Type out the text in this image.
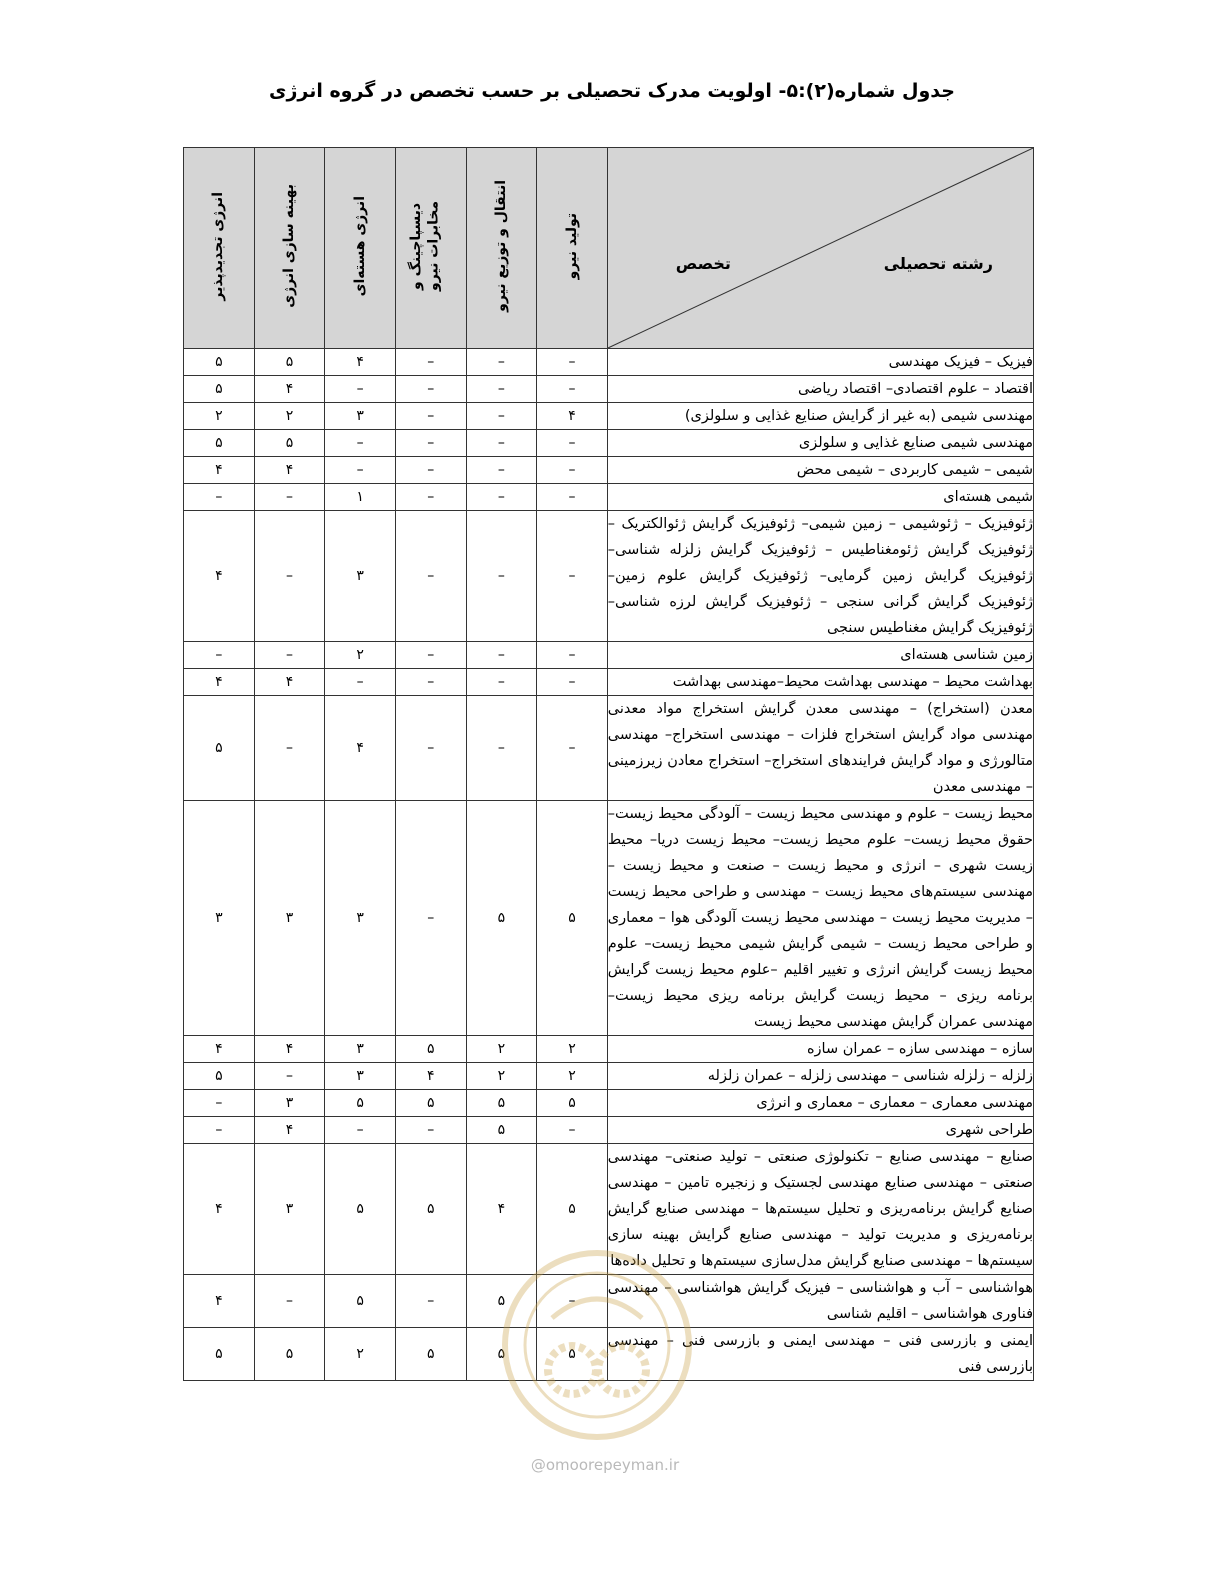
جدول شماره(۲):۵- اولویت مدرک تحصیلی بر حسب تخصص در گروه انرژی
رشته تحصیلی
تخصص	تولید نیرو	انتقال و توزیع نیرو	دیسپاچینگ و مخابرات نیرو	انرژی هسته‌ای	بهینه سازی انرژی	انرژی تجدیدپذیر
فیزیک – فیزیک مهندسی	–	–	–	۴	۵	۵
اقتصاد – علوم اقتصادی– اقتصاد ریاضی	–	–	–	–	۴	۵
مهندسی شیمی (به غیر از گرایش صنایع غذایی و سلولزی)	۴	–	–	۳	۲	۲
مهندسی شیمی صنایع غذایی و سلولزی	–	–	–	–	۵	۵
شیمی – شیمی کاربردی – شیمی محض	–	–	–	–	۴	۴
شیمی هسته‌ای	–	–	–	۱	–	–
ژئوفیزیک – ژئوشیمی – زمین شیمی– ژئوفیزیک گرایش ژئوالکتریک – ژئوفیزیک گرایش ژئومغناطیس – ژئوفیزیک گرایش زلزله شناسی– ژئوفیزیک گرایش زمین گرمایی– ژئوفیزیک گرایش علوم زمین–ژئوفیزیک گرایش گرانی سنجی – ژئوفیزیک گرایش لرزه شناسی–ژئوفیزیک گرایش مغناطیس سنجی	–	–	–	۳	–	۴
زمین شناسی هسته‌ای	–	–	–	۲	–	–
بهداشت محیط – مهندسی بهداشت محیط–مهندسی بهداشت	–	–	–	–	۴	۴
معدن (استخراج) – مهندسی معدن گرایش استخراج مواد معدنی مهندسی مواد گرایش استخراج فلزات – مهندسی استخراج– مهندسی متالورژی و مواد گرایش فرایندهای استخراج– استخراج معادن زیرزمینی – مهندسی معدن	–	–	–	۴	–	۵
محیط زیست – علوم و مهندسی محیط زیست – آلودگی محیط زیست– حقوق محیط زیست– علوم محیط زیست– محیط زیست دریا– محیط زیست شهری – انرژی و محیط زیست – صنعت و محیط زیست – مهندسی سیستم‌های محیط زیست – مهندسی و طراحی محیط زیست – مدیریت محیط زیست – مهندسی محیط زیست آلودگی هوا – معماری و طراحی محیط زیست – شیمی گرایش شیمی محیط زیست– علوم محیط زیست گرایش انرژی و تغییر اقلیم –علوم محیط زیست گرایش برنامه ریزی – محیط زیست گرایش برنامه ریزی محیط زیست– مهندسی عمران گرایش مهندسی محیط زیست	۵	۵	–	۳	۳	۳
سازه – مهندسی سازه – عمران سازه	۲	۲	۵	۳	۴	۴
زلزله – زلزله شناسی – مهندسی زلزله – عمران زلزله	۲	۲	۴	۳	–	۵
مهندسی معماری – معماری – معماری و انرژی	۵	۵	۵	۵	۳	–
طراحی شهری	–	۵	–	–	۴	–
صنایع – مهندسی صنایع – تکنولوژی صنعتی – تولید صنعتی– مهندسی صنعتی – مهندسی صنایع مهندسی لجستیک و زنجیره تامین – مهندسی صنایع گرایش برنامه‌ریزی و تحلیل سیستم‌ها – مهندسی صنایع گرایش برنامه‌ریزی و مدیریت تولید – مهندسی صنایع گرایش بهینه سازی سیستم‌ها – مهندسی صنایع گرایش مدل‌سازی سیستم‌ها و تحلیل داده‌ها	۵	۴	۵	۵	۳	۴
هواشناسی – آب و هواشناسی – فیزیک گرایش هواشناسی – مهندسی فناوری هواشناسی – اقلیم شناسی	–	۵	–	۵	–	۴
ایمنی و بازرسی فنی – مهندسی ایمنی و بازرسی فنی – مهندسی بازرسی فنی	۵	۵	۵	۲	۵	۵
@omoorepeyman.ir
